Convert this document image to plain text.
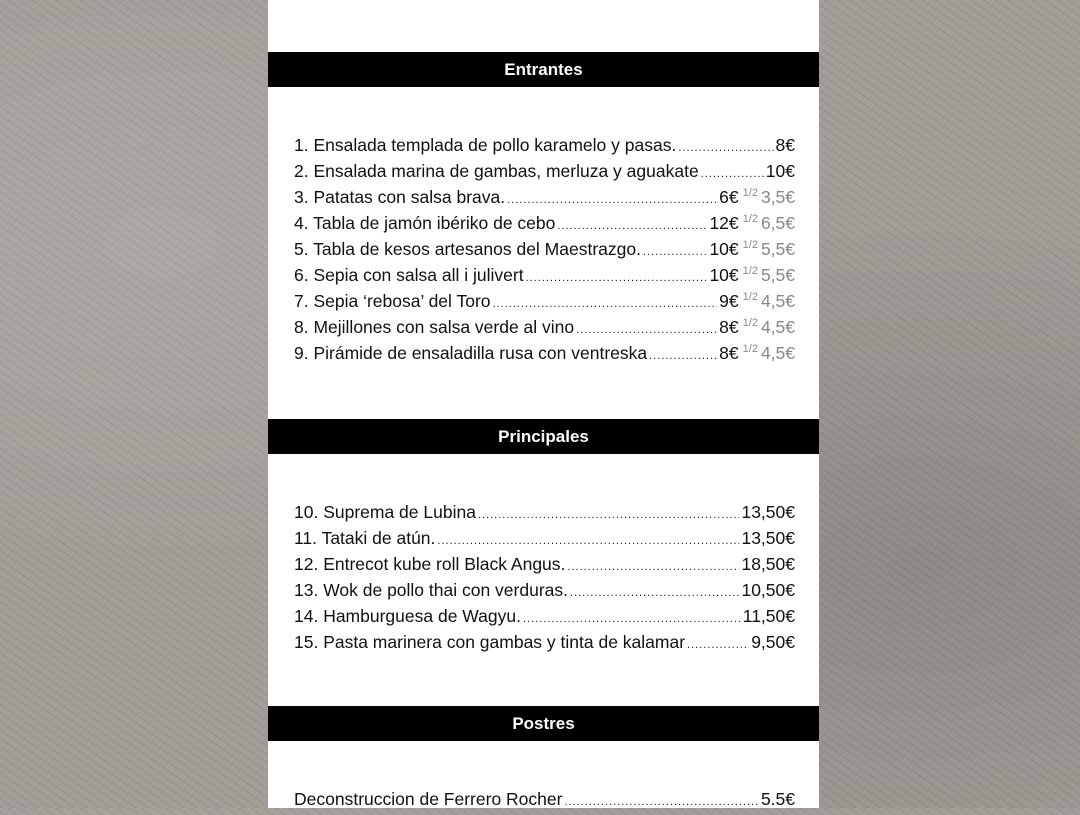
Entrantes
1. Ensalada templada de pollo karamelo y pasas. .....	8€
2. Ensalada marina de gambas, merluza y aguakate .....	10€
3. Patatas con salsa brava. .....	6€ $^{1/2}$ 3,5€
4. Tabla de jamón ibériko de cebo .....	12€ $^{1/2}$ 6,5€
5. Tabla de kesos artesanos del Maestrazgo. .....	10€ $^{1/2}$ 5,5€
6. Sepia con salsa all i julivert .....	10€ $^{1/2}$ 5,5€
7. Sepia ‘rebosa’ del Toro .....	9€ $^{1/2}$ 4,5€
8. Mejillones con salsa verde al vino .....	8€ $^{1/2}$ 4,5€
9. Pirámide de ensaladilla rusa con ventreska .....	8€ $^{1/2}$ 4,5€
Principales
10. Suprema de Lubina .....	13,50€
11. Tataki de atún. .....	13,50€
12. Entrecot kube roll Black Angus. .....	18,50€
13. Wok de pollo thai con verduras. .....	10,50€
14. Hamburguesa de Wagyu. .....	11,50€
15. Pasta marinera con gambas y tinta de kalamar .....	9,50€
Postres
Deconstruccion de Ferrero Rocher .....	5.5€
